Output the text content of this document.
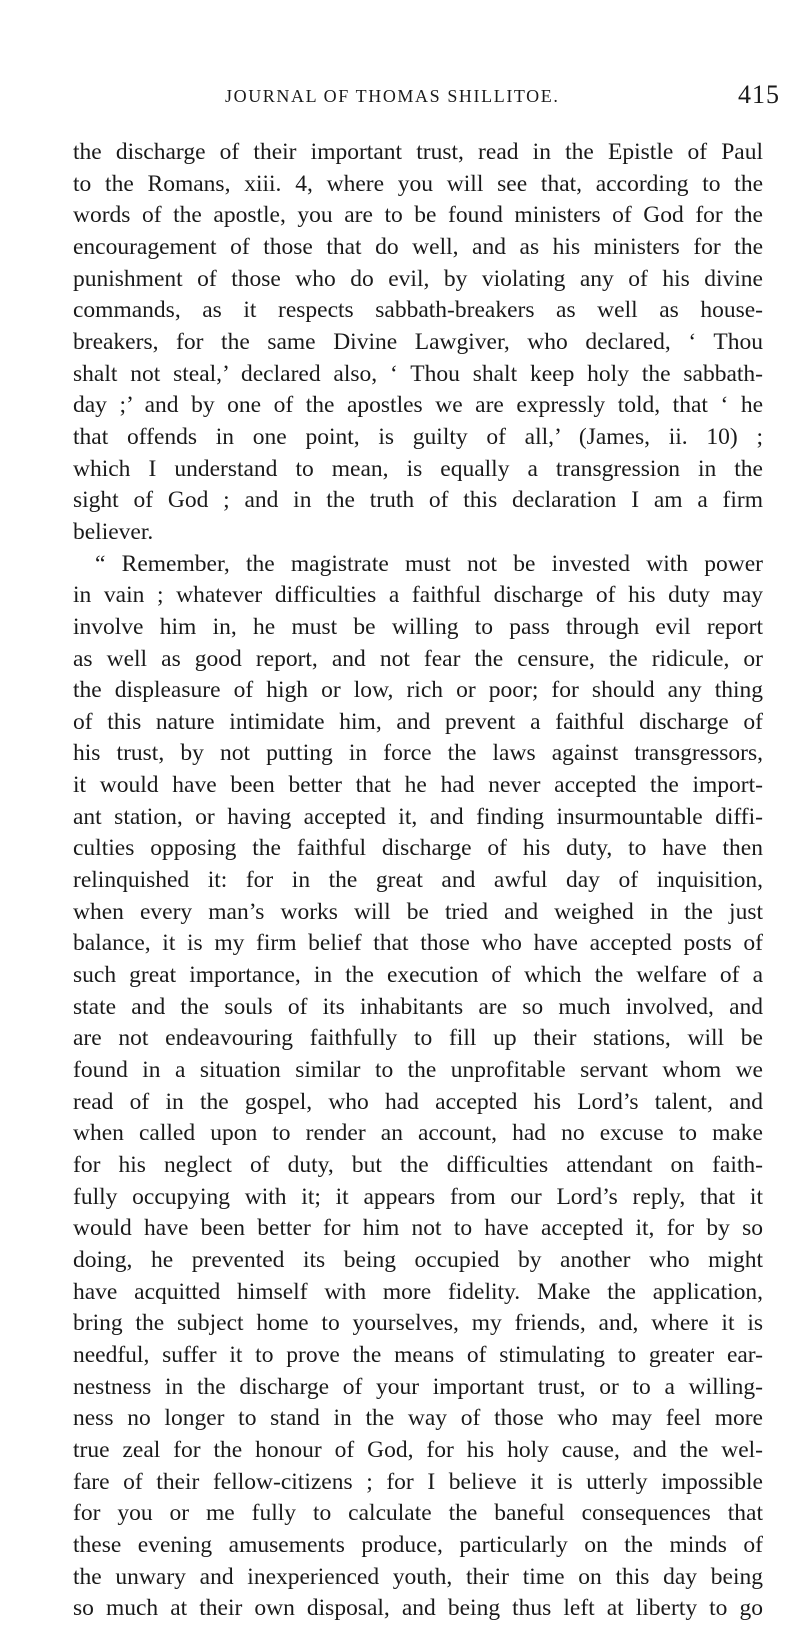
JOURNAL OF THOMAS SHILLITOE.	415
the discharge of their important trust, read in the Epistle of Paul
to the Romans, xiii. 4, where you will see that, according to the
words of the apostle, you are to be found ministers of God for the
encouragement of those that do well, and as his ministers for the
punishment of those who do evil, by violating any of his divine
commands, as it respects sabbath-breakers as well as house-
breakers, for the same Divine Lawgiver, who declared, ‘ Thou
shalt not steal,’ declared also, ‘ Thou shalt keep holy the sabbath-
day ;’ and by one of the apostles we are expressly told, that ‘ he
that offends in one point, is guilty of all,’ (James, ii. 10) ;
which I understand to mean, is equally a transgression in the
sight of God ; and in the truth of this declaration I am a firm
believer.
“ Remember, the magistrate must not be invested with power
in vain ; whatever difficulties a faithful discharge of his duty may
involve him in, he must be willing to pass through evil report
as well as good report, and not fear the censure, the ridicule, or
the displeasure of high or low, rich or poor; for should any thing
of this nature intimidate him, and prevent a faithful discharge of
his trust, by not putting in force the laws against transgressors,
it would have been better that he had never accepted the import-
ant station, or having accepted it, and finding insurmountable diffi-
culties opposing the faithful discharge of his duty, to have then
relinquished it: for in the great and awful day of inquisition,
when every man’s works will be tried and weighed in the just
balance, it is my firm belief that those who have accepted posts of
such great importance, in the execution of which the welfare of a
state and the souls of its inhabitants are so much involved, and
are not endeavouring faithfully to fill up their stations, will be
found in a situation similar to the unprofitable servant whom we
read of in the gospel, who had accepted his Lord’s talent, and
when called upon to render an account, had no excuse to make
for his neglect of duty, but the difficulties attendant on faith-
fully occupying with it; it appears from our Lord’s reply, that it
would have been better for him not to have accepted it, for by so
doing, he prevented its being occupied by another who might
have acquitted himself with more fidelity. Make the application,
bring the subject home to yourselves, my friends, and, where it is
needful, suffer it to prove the means of stimulating to greater ear-
nestness in the discharge of your important trust, or to a willing-
ness no longer to stand in the way of those who may feel more
true zeal for the honour of God, for his holy cause, and the wel-
fare of their fellow-citizens ; for I believe it is utterly impossible
for you or me fully to calculate the baneful consequences that
these evening amusements produce, particularly on the minds of
the unwary and inexperienced youth, their time on this day being
so much at their own disposal, and being thus left at liberty to go
